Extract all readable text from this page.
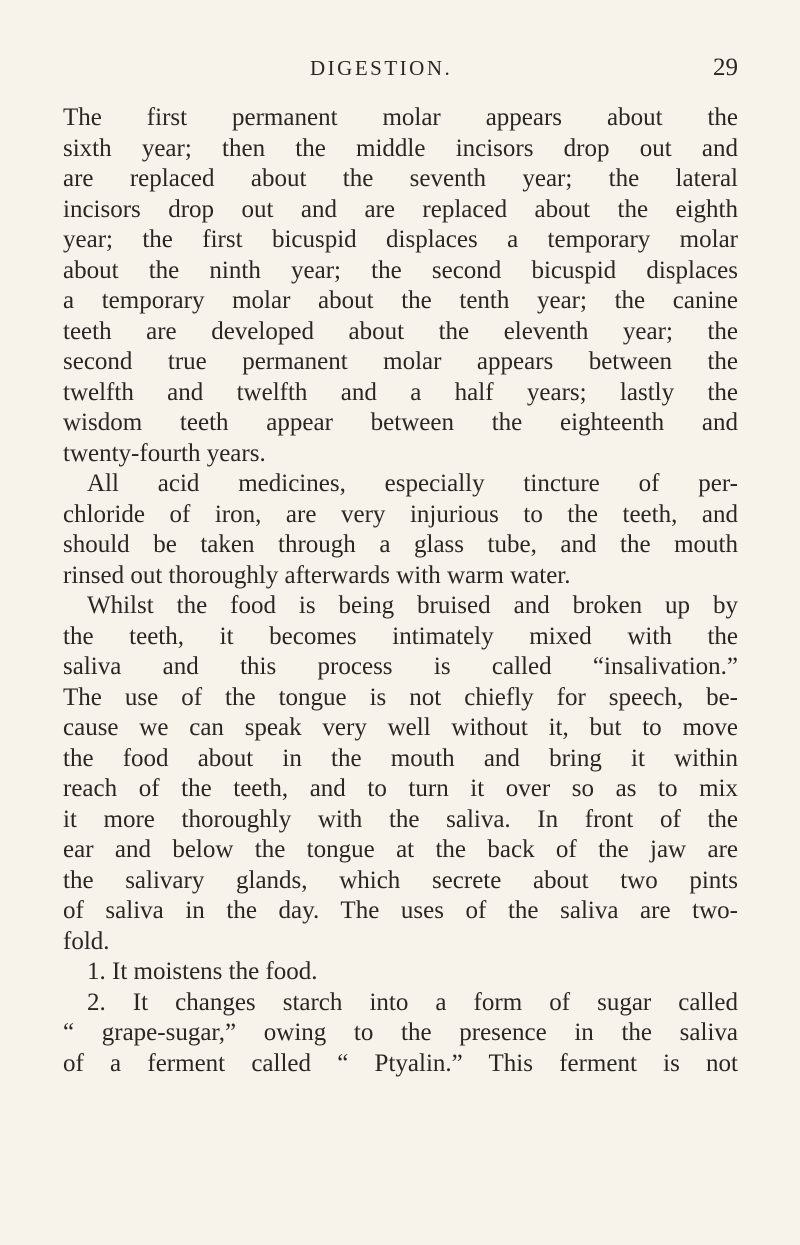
DIGESTION.	29
The first permanent molar appears about the
sixth year; then the middle incisors drop out and
are replaced about the seventh year; the lateral
incisors drop out and are replaced about the eighth
year; the first bicuspid displaces a temporary molar
about the ninth year; the second bicuspid displaces
a temporary molar about the tenth year; the canine
teeth are developed about the eleventh year; the
second true permanent molar appears between the
twelfth and twelfth and a half years; lastly the
wisdom teeth appear between the eighteenth and
twenty-fourth years.
All acid medicines, especially tincture of per-
chloride of iron, are very injurious to the teeth, and
should be taken through a glass tube, and the mouth
rinsed out thoroughly afterwards with warm water.
Whilst the food is being bruised and broken up by
the teeth, it becomes intimately mixed with the
saliva and this process is called “insalivation.”
The use of the tongue is not chiefly for speech, be-
cause we can speak very well without it, but to move
the food about in the mouth and bring it within
reach of the teeth, and to turn it over so as to mix
it more thoroughly with the saliva. In front of the
ear and below the tongue at the back of the jaw are
the salivary glands, which secrete about two pints
of saliva in the day. The uses of the saliva are two-
fold.
1. It moistens the food.
2. It changes starch into a form of sugar called
“ grape-sugar,” owing to the presence in the saliva
of a ferment called “ Ptyalin.” This ferment is not
